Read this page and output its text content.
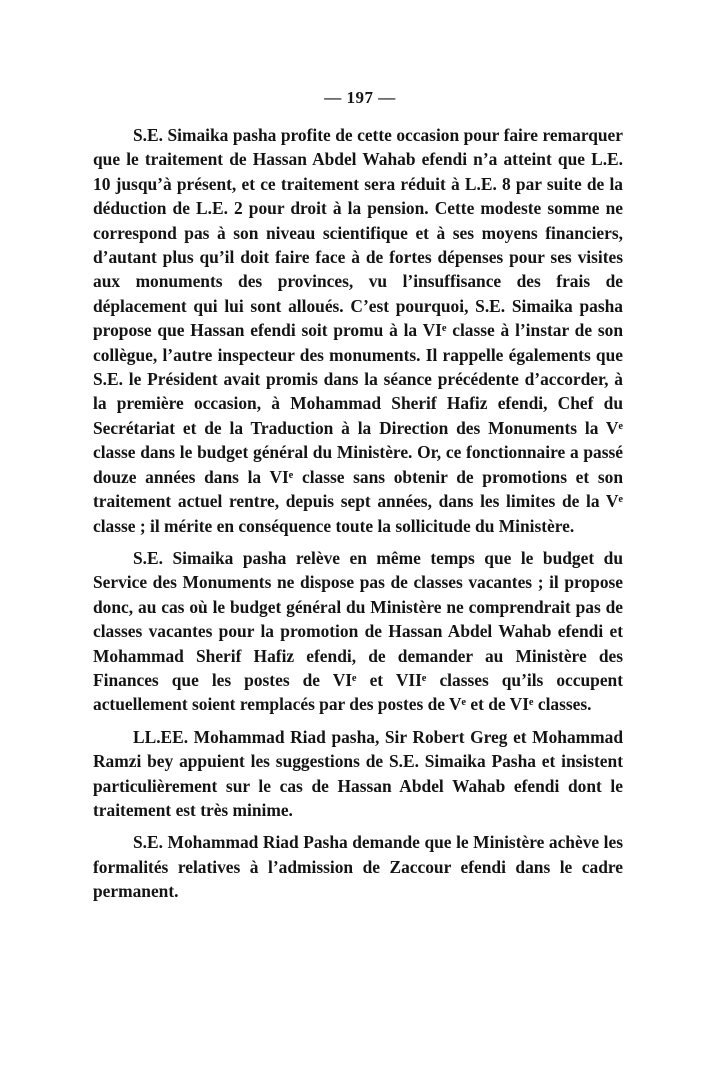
— 197 —

S.E. Simaika pasha profite de cette occasion pour faire remarquer que le traitement de Hassan Abdel Wahab efendi n’a atteint que L.E. 10 jusqu’à présent, et ce traitement sera réduit à L.E. 8 par suite de la déduction de L.E. 2 pour droit à la pension. Cette modeste somme ne correspond pas à son niveau scientifique et à ses moyens financiers, d’autant plus qu’il doit faire face à de fortes dépenses pour ses visites aux monuments des provinces, vu l’insuffisance des frais de déplacement qui lui sont alloués. C’est pourquoi, S.E. Simaika pasha propose que Hassan efendi soit promu à la VIᵉ classe à l’instar de son collègue, l’autre inspecteur des monuments. Il rappelle égalements que S.E. le Président avait promis dans la séance précédente d’accorder, à la première occasion, à Mohammad Sherif Hafiz efendi, Chef du Secrétariat et de la Traduction à la Direction des Monuments la Vᵉ classe dans le budget général du Ministère. Or, ce fonctionnaire a passé douze années dans la VIᵉ classe sans obtenir de promotions et son traitement actuel rentre, depuis sept années, dans les limites de la Vᵉ classe ; il mérite en conséquence toute la sollicitude du Ministère.

S.E. Simaika pasha relève en même temps que le budget du Service des Monuments ne dispose pas de classes vacantes ; il propose donc, au cas où le budget général du Ministère ne comprendrait pas de classes vacantes pour la promotion de Hassan Abdel Wahab efendi et Mohammad Sherif Hafiz efendi, de demander au Ministère des Finances que les postes de VIᵉ et VIIᵉ classes qu’ils occupent actuellement soient remplacés par des postes de Vᵉ et de VIᵉ classes.

LL.EE. Mohammad Riad pasha, Sir Robert Greg et Mohammad Ramzi bey appuient les suggestions de S.E. Simaika Pasha et insistent particulièrement sur le cas de Hassan Abdel Wahab efendi dont le traitement est très minime.

S.E. Mohammad Riad Pasha demande que le Ministère achève les formalités relatives à l’admission de Zaccour efendi dans le cadre permanent.
